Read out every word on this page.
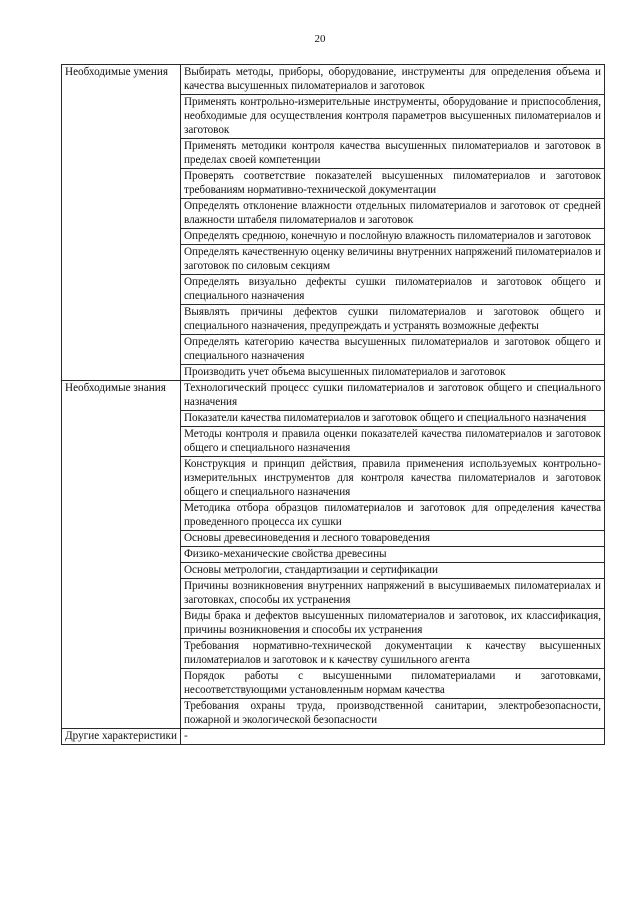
20
Необходимые умения	Выбирать методы, приборы, оборудование, инструменты для определения объема и качества высушенных пиломатериалов и заготовок
	Применять контрольно-измерительные инструменты, оборудование и приспособления, необходимые для осуществления контроля параметров высушенных пиломатериалов и заготовок
	Применять методики контроля качества высушенных пиломатериалов и заготовок в пределах своей компетенции
	Проверять соответствие показателей высушенных пиломатериалов и заготовок требованиям нормативно-технической документации
	Определять отклонение влажности отдельных пиломатериалов и заготовок от средней влажности штабеля пиломатериалов и заготовок
	Определять среднюю, конечную и послойную влажность пиломатериалов и заготовок
	Определять качественную оценку величины внутренних напряжений пиломатериалов и заготовок по силовым секциям
	Определять визуально дефекты сушки пиломатериалов и заготовок общего и специального назначения
	Выявлять причины дефектов сушки пиломатериалов и заготовок общего и специального назначения, предупреждать и устранять возможные дефекты
	Определять категорию качества высушенных пиломатериалов и заготовок общего и специального назначения
	Производить учет объема высушенных пиломатериалов и заготовок
Необходимые знания	Технологический процесс сушки пиломатериалов и заготовок общего и специального назначения
	Показатели качества пиломатериалов и заготовок общего и специального назначения
	Методы контроля и правила оценки показателей качества пиломатериалов и заготовок общего и специального назначения
	Конструкция и принцип действия, правила применения используемых контрольно-измерительных инструментов для контроля качества пиломатериалов и заготовок общего и специального назначения
	Методика отбора образцов пиломатериалов и заготовок для определения качества проведенного процесса их сушки
	Основы древесиноведения и лесного товароведения
	Физико-механические свойства древесины
	Основы метрологии, стандартизации и сертификации
	Причины возникновения внутренних напряжений в высушиваемых пиломатериалах и заготовках, способы их устранения
	Виды брака и дефектов высушенных пиломатериалов и заготовок, их классификация, причины возникновения и способы их устранения
	Требования нормативно-технической документации к качеству высушенных пиломатериалов и заготовок и к качеству сушильного агента
	Порядок работы с высушенными пиломатериалами и заготовками, несоответствующими установленным нормам качества
	Требования охраны труда, производственной санитарии, электробезопасности, пожарной и экологической безопасности
Другие характеристики	-
